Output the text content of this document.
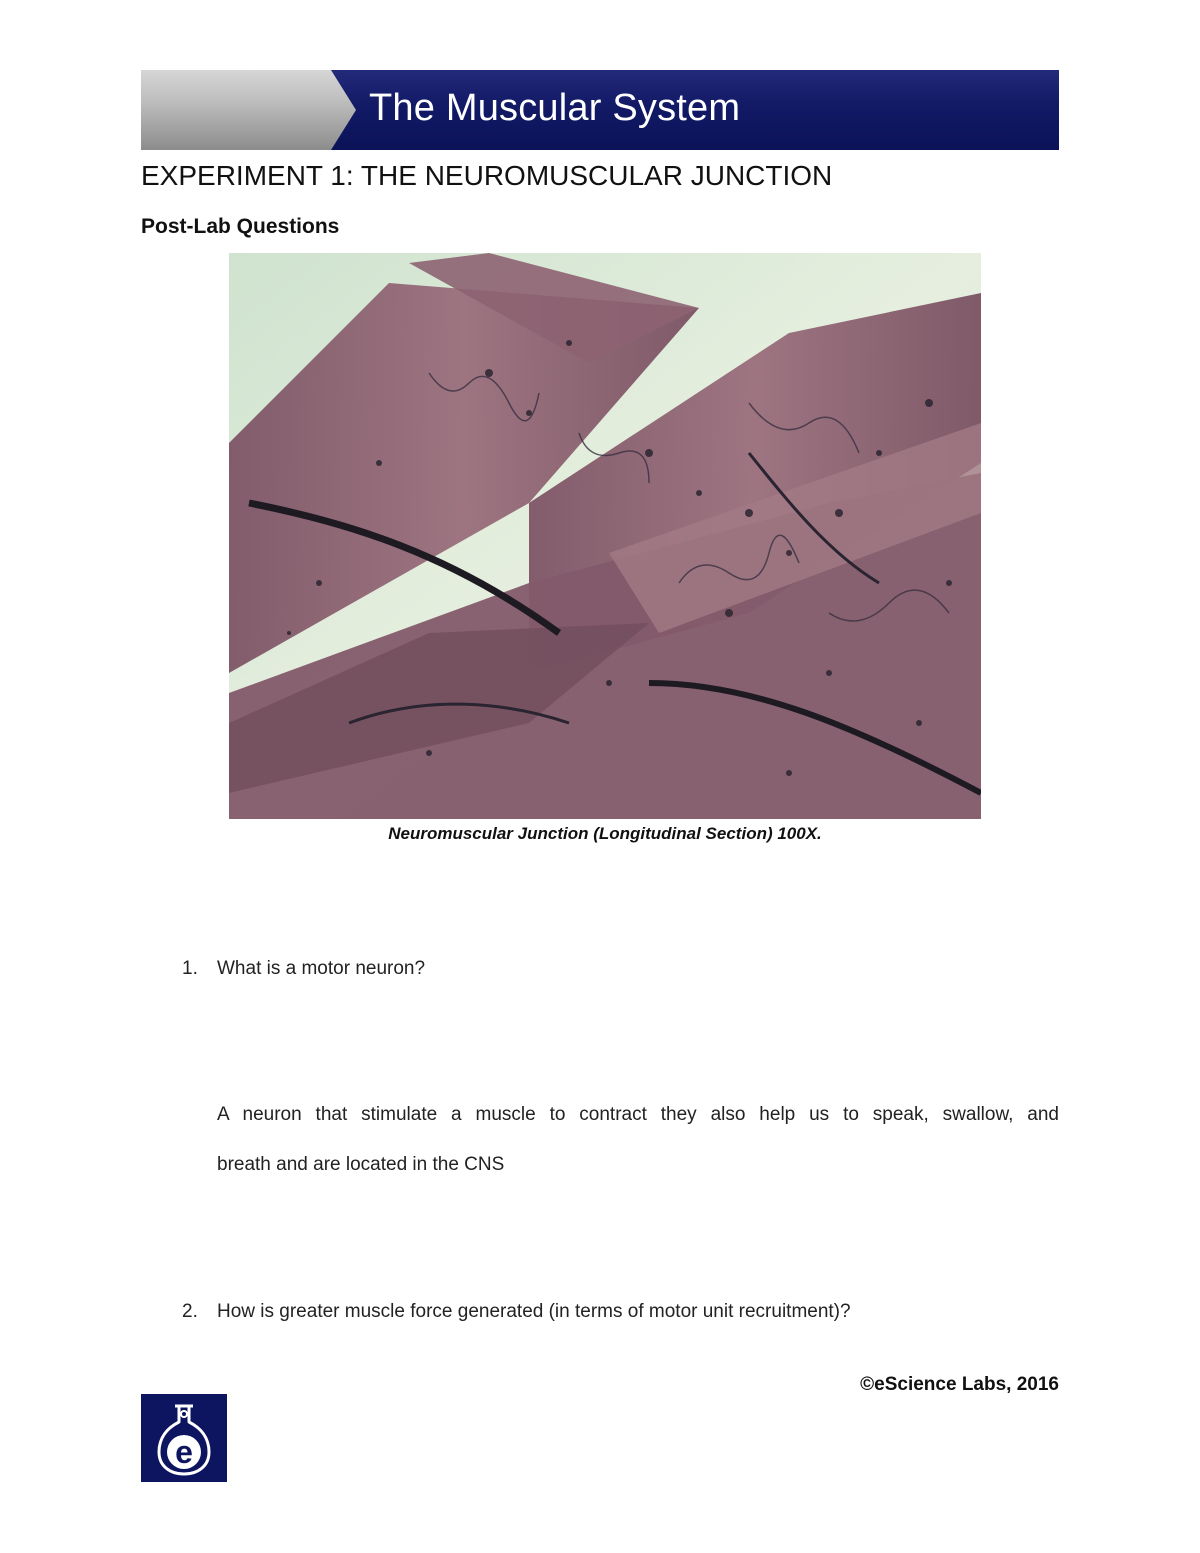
The Muscular System
EXPERIMENT 1: THE NEUROMUSCULAR JUNCTION
Post-Lab Questions
Neuromuscular Junction (Longitudinal Section) 100X.
1. What is a motor neuron?

A neuron that stimulate a muscle to contract they also help us to speak, swallow, and

breath and are located in the CNS

2. How is greater muscle force generated (in terms of motor unit recruitment)?
©eScience Labs, 2016
e
